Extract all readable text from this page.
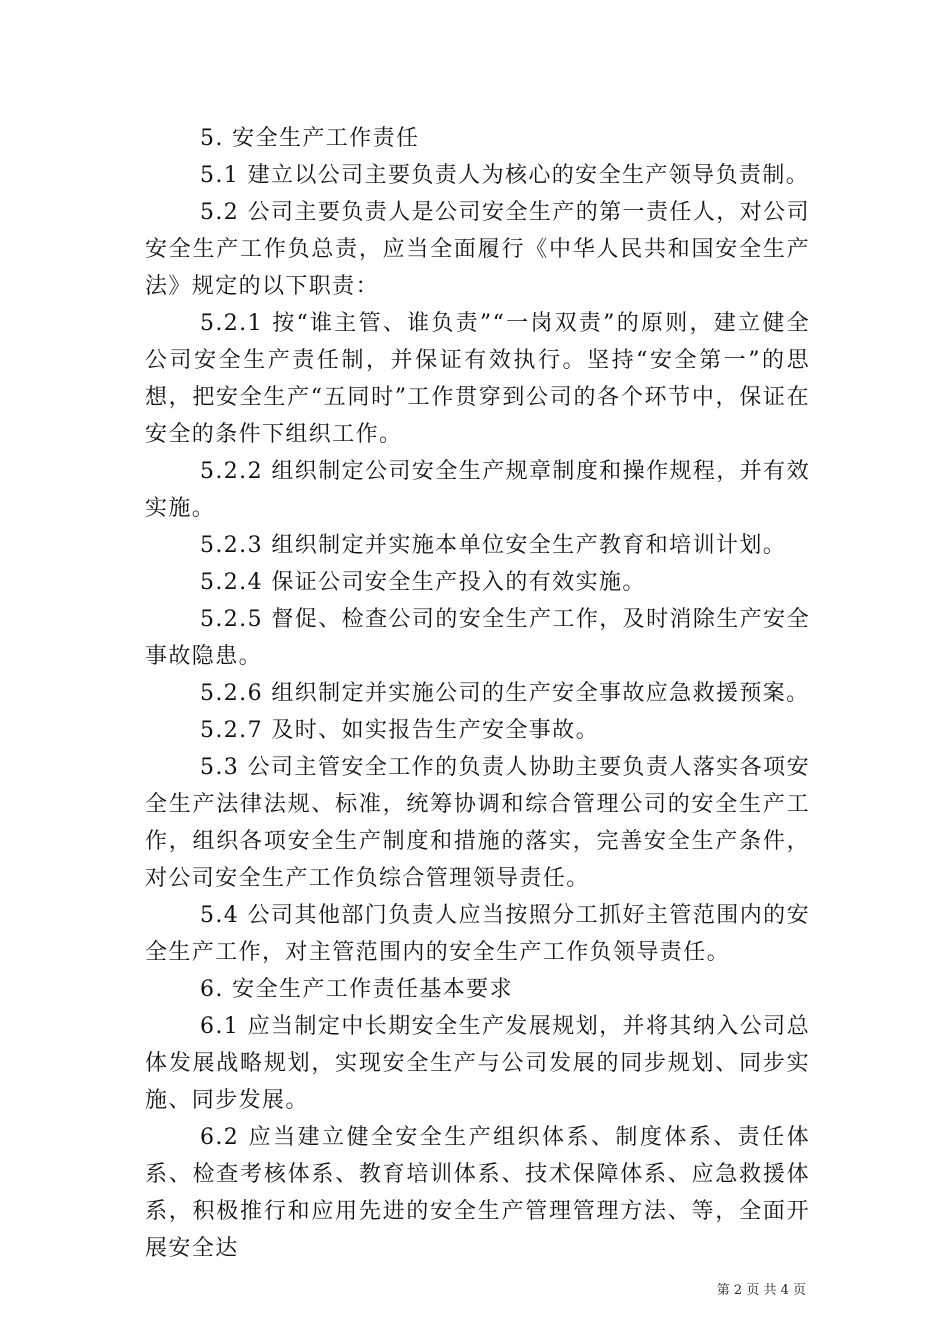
5. 安全生产工作责任

5.1 建立以公司主要负责人为核心的安全生产领导负责制。

5.2 公司主要负责人是公司安全生产的第一责任人，对公司安全生产工作负总责，应当全面履行《中华人民共和国安全生产法》规定的以下职责：

5.2.1 按“谁主管、谁负责”“一岗双责”的原则，建立健全公司安全生产责任制，并保证有效执行。坚持“安全第一”的思想，把安全生产“五同时”工作贯穿到公司的各个环节中，保证在安全的条件下组织工作。

5.2.2 组织制定公司安全生产规章制度和操作规程，并有效实施。

5.2.3 组织制定并实施本单位安全生产教育和培训计划。

5.2.4 保证公司安全生产投入的有效实施。

5.2.5 督促、检查公司的安全生产工作，及时消除生产安全事故隐患。

5.2.6 组织制定并实施公司的生产安全事故应急救援预案。

5.2.7 及时、如实报告生产安全事故。

5.3 公司主管安全工作的负责人协助主要负责人落实各项安全生产法律法规、标准，统筹协调和综合管理公司的安全生产工作，组织各项安全生产制度和措施的落实，完善安全生产条件，对公司安全生产工作负综合管理领导责任。

5.4 公司其他部门负责人应当按照分工抓好主管范围内的安全生产工作，对主管范围内的安全生产工作负领导责任。

6. 安全生产工作责任基本要求

6.1 应当制定中长期安全生产发展规划，并将其纳入公司总体发展战略规划，实现安全生产与公司发展的同步规划、同步实施、同步发展。

6.2 应当建立健全安全生产组织体系、制度体系、责任体系、检查考核体系、教育培训体系、技术保障体系、应急救援体系，积极推行和应用先进的安全生产管理管理方法、等，全面开展安全达

第 2 页 共 4 页
